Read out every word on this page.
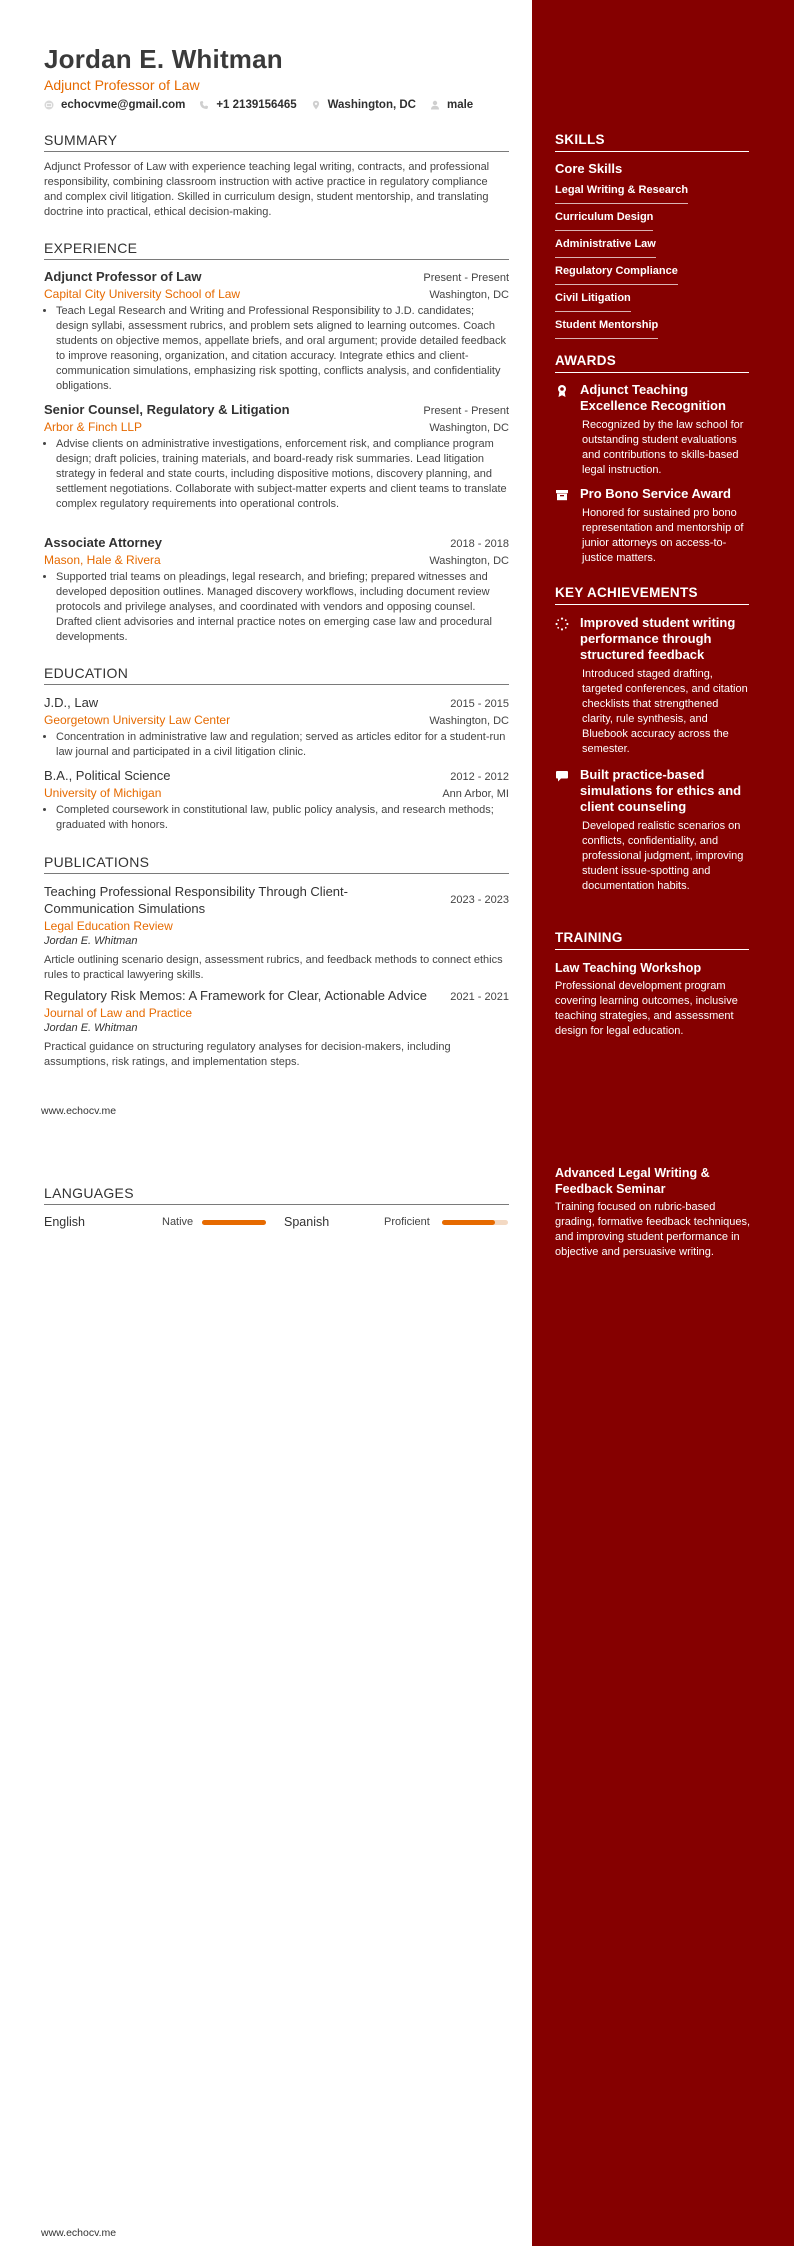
Jordan E. Whitman
Adjunct Professor of Law
echocvme@gmail.com	+1 2139156465	Washington, DC	male
SUMMARY
Adjunct Professor of Law with experience teaching legal writing, contracts, and professional responsibility, combining classroom instruction with active practice in regulatory compliance and complex civil litigation. Skilled in curriculum design, student mentorship, and translating doctrine into practical, ethical decision-making.
EXPERIENCE
Adjunct Professor of Law	Present - Present
Capital City University School of Law	Washington, DC
• Teach Legal Research and Writing and Professional Responsibility to J.D. candidates; design syllabi, assessment rubrics, and problem sets aligned to learning outcomes. Coach students on objective memos, appellate briefs, and oral argument; provide detailed feedback to improve reasoning, organization, and citation accuracy. Integrate ethics and client-communication simulations, emphasizing risk spotting, conflicts analysis, and confidentiality obligations.
Senior Counsel, Regulatory & Litigation	Present - Present
Arbor & Finch LLP	Washington, DC
• Advise clients on administrative investigations, enforcement risk, and compliance program design; draft policies, training materials, and board-ready risk summaries. Lead litigation strategy in federal and state courts, including dispositive motions, discovery planning, and settlement negotiations. Collaborate with subject-matter experts and client teams to translate complex regulatory requirements into operational controls.
Associate Attorney	2018 - 2018
Mason, Hale & Rivera	Washington, DC
• Supported trial teams on pleadings, legal research, and briefing; prepared witnesses and developed deposition outlines. Managed discovery workflows, including document review protocols and privilege analyses, and coordinated with vendors and opposing counsel. Drafted client advisories and internal practice notes on emerging case law and procedural developments.
EDUCATION
J.D., Law	2015 - 2015
Georgetown University Law Center	Washington, DC
• Concentration in administrative law and regulation; served as articles editor for a student-run law journal and participated in a civil litigation clinic.
B.A., Political Science	2012 - 2012
University of Michigan	Ann Arbor, MI
• Completed coursework in constitutional law, public policy analysis, and research methods; graduated with honors.
PUBLICATIONS
Teaching Professional Responsibility Through Client-Communication Simulations
2023 - 2023
Legal Education Review
Jordan E. Whitman
Article outlining scenario design, assessment rubrics, and feedback methods to connect ethics rules to practical lawyering skills.
Regulatory Risk Memos: A Framework for Clear, Actionable Advice 2021 - 2021
Journal of Law and Practice
Jordan E. Whitman
Practical guidance on structuring regulatory analyses for decision-makers, including assumptions, risk ratings, and implementation steps.
www.echocv.me
LANGUAGES
English	Native	Spanish	Proficient
www.echocv.me
SKILLS
Core Skills
Legal Writing & Research
Curriculum Design
Administrative Law
Regulatory Compliance
Civil Litigation
Student Mentorship
AWARDS
Adjunct Teaching Excellence Recognition
Recognized by the law school for outstanding student evaluations and contributions to skills-based legal instruction.
Pro Bono Service Award
Honored for sustained pro bono representation and mentorship of junior attorneys on access-to-justice matters.
KEY ACHIEVEMENTS
Improved student writing performance through structured feedback
Introduced staged drafting, targeted conferences, and citation checklists that strengthened clarity, rule synthesis, and Bluebook accuracy across the semester.
Built practice-based simulations for ethics and client counseling
Developed realistic scenarios on conflicts, confidentiality, and professional judgment, improving student issue-spotting and documentation habits.
TRAINING
Law Teaching Workshop
Professional development program covering learning outcomes, inclusive teaching strategies, and assessment design for legal education.
Advanced Legal Writing & Feedback Seminar
Training focused on rubric-based grading, formative feedback techniques, and improving student performance in objective and persuasive writing.
